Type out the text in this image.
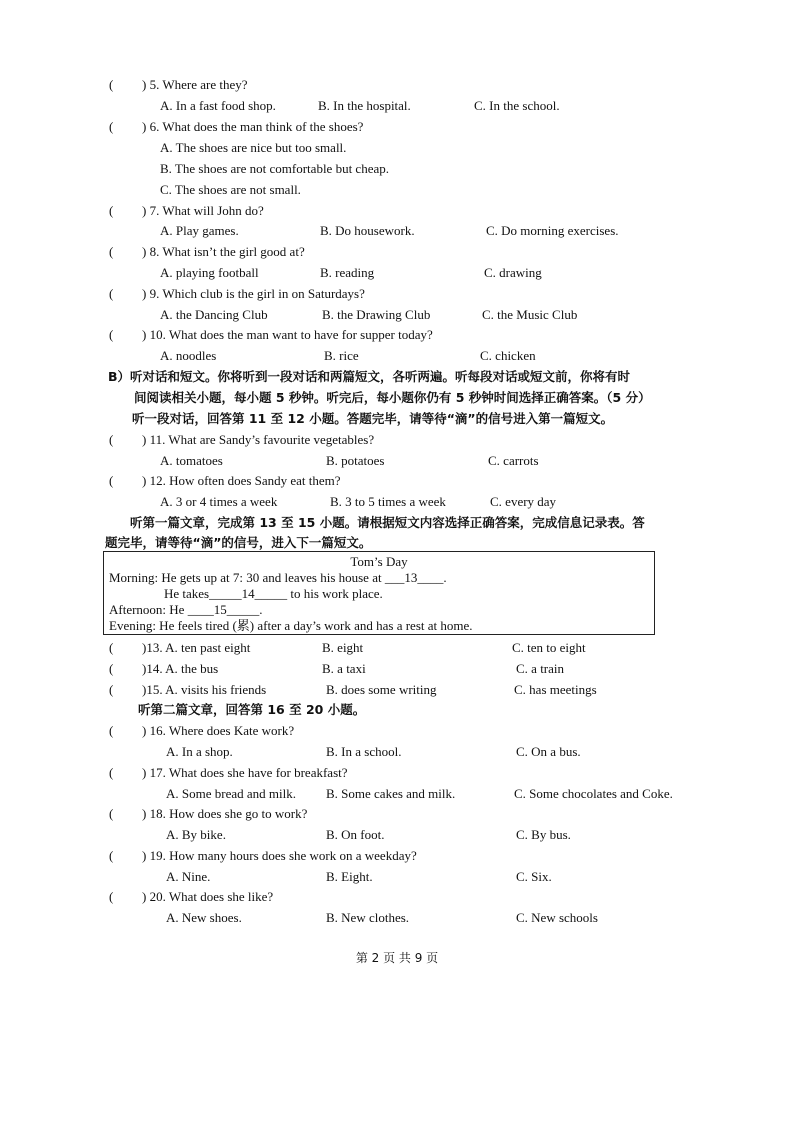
( ) 5. Where are they?
A. In a fast food shop.	B. In the hospital.	C. In the school.
( ) 6. What does the man think of the shoes?
A. The shoes are nice but too small.
B. The shoes are not comfortable but cheap.
C. The shoes are not small.
( ) 7. What will John do?
A. Play games.	B. Do housework.	C. Do morning exercises.
( ) 8. What isn’t the girl good at?
A. playing football	B. reading	C. drawing
( ) 9. Which club is the girl in on Saturdays?
A. the Dancing Club	B. the Drawing Club	C. the Music Club
( ) 10. What does the man want to have for supper today?
A. noodles	B. rice	C. chicken
B）听对话和短文。你将听到一段对话和两篇短文，各听两遍。听每段对话或短文前，你将有时
间阅读相关小题，每小题 5 秒钟。听完后，每小题你仍有 5 秒钟时间选择正确答案。（5 分）
听一段对话，回答第 11 至 12 小题。答题完毕，请等待“滴”的信号进入第一篇短文。
( ) 11. What are Sandy’s favourite vegetables?
A. tomatoes	B. potatoes	C. carrots
( ) 12. How often does Sandy eat them?
A. 3 or 4 times a week	B. 3 to 5 times a week	C. every day
听第一篇文章，完成第 13 至 15 小题。请根据短文内容选择正确答案，完成信息记录表。答
题完毕，请等待“滴”的信号，进入下一篇短文。
Tom’s Day
Morning: He gets up at 7: 30 and leaves his house at ___13____.
He takes_____14_____ to his work place.
Afternoon: He ____15_____.
Evening: He feels tired (累) after a day’s work and has a rest at home.
( )13. A. ten past eight	B. eight	C. ten to eight
( )14. A. the bus	B. a taxi	C. a train
( )15. A. visits his friends	B. does some writing	C. has meetings
听第二篇文章，回答第 16 至 20 小题。
( ) 16. Where does Kate work?
A. In a shop.	B. In a school.	C. On a bus.
( ) 17. What does she have for breakfast?
A. Some bread and milk. B. Some cakes and milk.	C. Some chocolates and Coke.
( ) 18. How does she go to work?
A. By bike.	B. On foot.	C. By bus.
( ) 19. How many hours does she work on a weekday?
A. Nine.	B. Eight.	C. Six.
( ) 20. What does she like?
A. New shoes.	B. New clothes.	C. New schools
第 2 页 共 9 页
